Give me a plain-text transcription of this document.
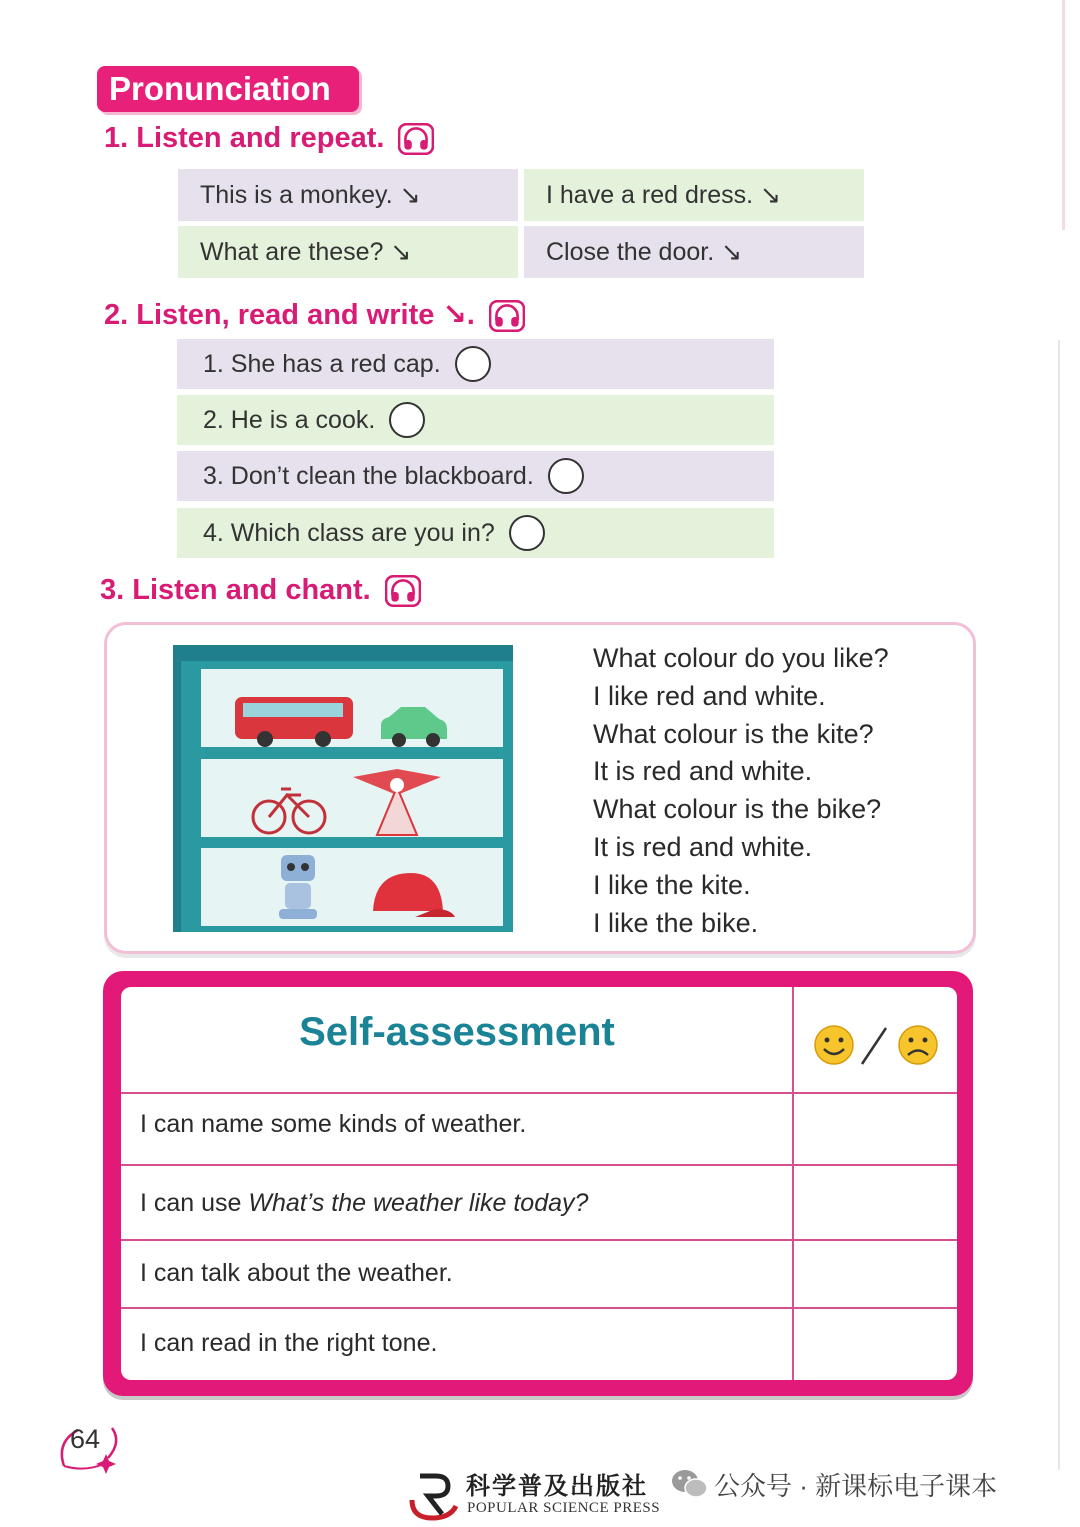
Pronunciation
1. Listen and repeat.
This is a monkey. ↘	I have a red dress. ↘
What are these? ↘	Close the door. ↘
2. Listen, read and write ↘.
1. She has a red cap.
2. He is a cook.
3. Don’t clean the blackboard.
4. Which class are you in?
3. Listen and chant.
What colour do you like?
I like red and white.
What colour is the kite?
It is red and white.
What colour is the bike?
It is red and white.
I like the kite.
I like the bike.
Self-assessment
I can name some kinds of weather.
I can use What’s the weather like today?
I can talk about the weather.
I can read in the right tone.
64
科学普及出版社
POPULAR SCIENCE PRESS
公众号 · 新课标电子课本
